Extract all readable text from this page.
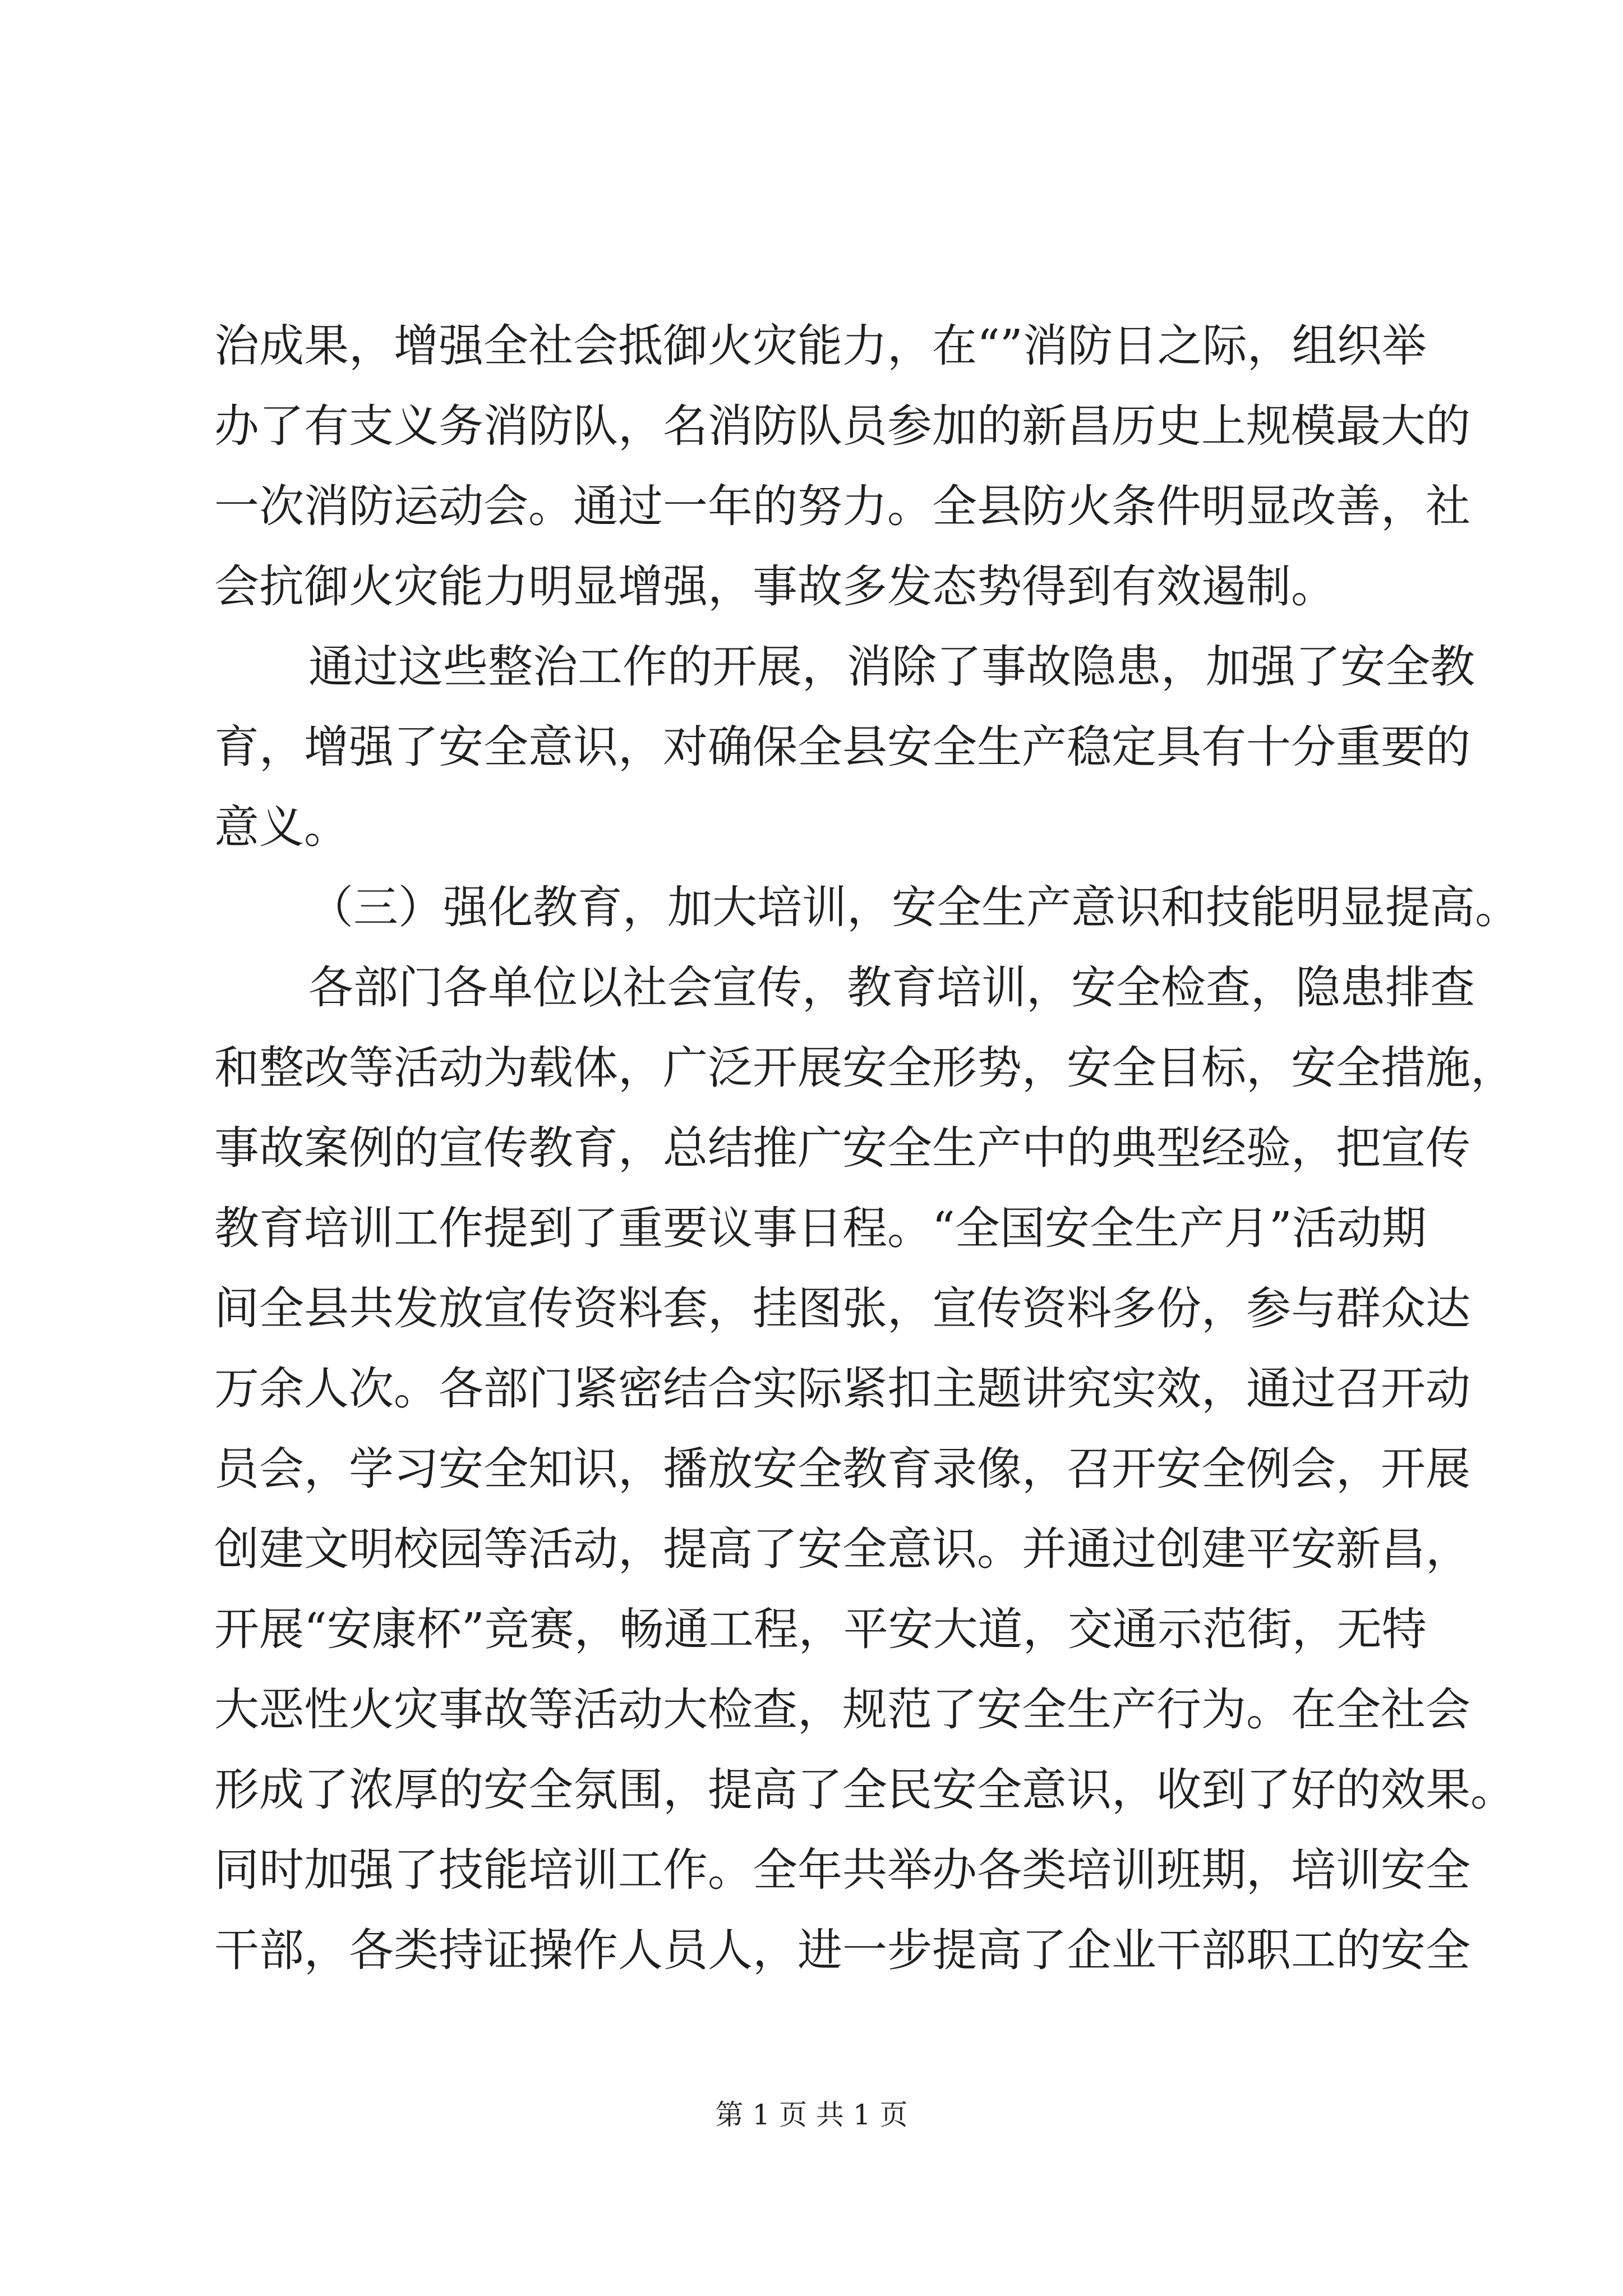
治成果，增强全社会抵御火灾能力，在“”消防日之际，组织举
办了有支义务消防队，名消防队员参加的新昌历史上规模最大的
一次消防运动会。通过一年的努力。全县防火条件明显改善，社
会抗御火灾能力明显增强，事故多发态势得到有效遏制。
通过这些整治工作的开展，消除了事故隐患，加强了安全教
育，增强了安全意识，对确保全县安全生产稳定具有十分重要的
意义。
（三）强化教育，加大培训，安全生产意识和技能明显提高。
各部门各单位以社会宣传，教育培训，安全检查，隐患排查
和整改等活动为载体，广泛开展安全形势，安全目标，安全措施，
事故案例的宣传教育，总结推广安全生产中的典型经验，把宣传
教育培训工作提到了重要议事日程。“全国安全生产月”活动期
间全县共发放宣传资料套，挂图张，宣传资料多份，参与群众达
万余人次。各部门紧密结合实际紧扣主题讲究实效，通过召开动
员会，学习安全知识，播放安全教育录像，召开安全例会，开展
创建文明校园等活动，提高了安全意识。并通过创建平安新昌，
开展“安康杯”竞赛，畅通工程，平安大道，交通示范街，无特
大恶性火灾事故等活动大检查，规范了安全生产行为。在全社会
形成了浓厚的安全氛围，提高了全民安全意识，收到了好的效果。
同时加强了技能培训工作。全年共举办各类培训班期，培训安全
干部，各类持证操作人员人，进一步提高了企业干部职工的安全
第 1 页 共 1 页
